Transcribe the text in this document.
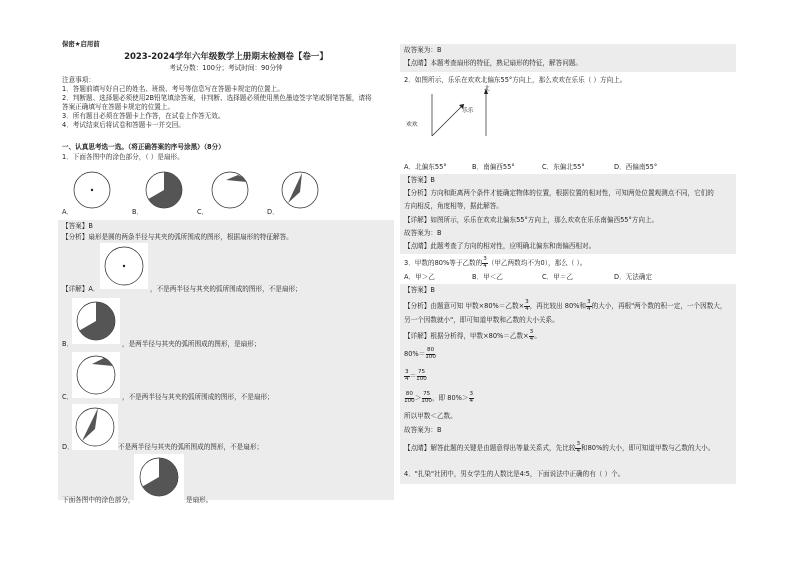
保密★启用前
2023-2024学年六年级数学上册期末检测卷【卷一】
考试分数：100分；考试时间：90分钟
注意事项：
1．答题前填写好自己的姓名、班级、考号等信息写在答题卡规定的位置上。
2．判断题、选择题必须使用2B铅笔填涂答案，非判断、选择题必须使用黑色墨迹签字笔或钢笔答题，请将
答案正确填写在答题卡规定的位置上。
3．所有题目必须在答题卡上作答，在试卷上作答无效。
4．考试结束后将试卷和答题卡一并交回。
一、认真思考选一选。（将正确答案的序号涂黑）（8分）
1．下面各图中的涂色部分，（ ）是扇形。
A．	B．	C．	D．
【答案】B
【分析】扇形是圆的两条半径与其夹的弧所围成的图形，根据扇形的特征解答。
【详解】A．	，不是两半径与其夹的弧所围成的图形，不是扇形；
B．	，是两半径与其夹的弧所围成的图形，是扇形；
C．	，不是两半径与其夹的弧所围成的图形，不是扇形；
D．	不是两半径与其夹的弧所围成的图形，不是扇形；
下面各图中的涂色部分，	是扇形。
故答案为：B
【点睛】本题考查扇形的特征，熟记扇形的特征，解答问题。
2．如图所示，乐乐在欢欢北偏东55°方向上，那么欢欢在乐乐（ ）方向上。
北
乐乐
欢欢
A．北偏东55°	B．南偏西55°	C．东偏北55°	D．西偏南55°
【答案】B
【分析】方向和距离两个条件才能确定物体的位置，根据位置的相对性，可知两处位置观测点不同，它们的
方向相反，角度相等，据此解答。
【详解】如图所示，乐乐在欢欢北偏东55°方向上，那么欢欢在乐乐南偏西55°方向上。
故答案为：B
【点睛】此题考查了方向的相对性，应明确北偏东和南偏西相对。
3．甲数的80%等于乙数的 $\frac{3}{4}$ （甲乙两数均不为0），那么（ ）。
A．甲＞乙	B．甲＜乙	C．甲＝乙	D．无法确定
【答案】B
【分析】由题意可知 甲数×80%＝乙数× $\frac{3}{4}$ ，再比较出 80%和 $\frac{3}{4}$ 的大小，再根"两个数的积一定，一个因数大，
另一个因数就小"，即可知道甲数和乙数的大小关系。
【详解】根据分析得，甲数×80%＝乙数× $\frac{3}{4}$ 。
$80\%= \frac{80}{100}$
$\frac{3}{4} = \frac{75}{100}$
$\frac{80}{100} > \frac{75}{100}$ ，即 $80\%> \frac{3}{4}$
所以甲数＜乙数。
故答案为：B
【点睛】解答此题的关键是由题意得出等量关系式，先比较 $\frac{3}{4}$ 和80%的大小，即可知道甲数与乙数的大小。
4．"扎染"社团中，男女学生的人数比是4∶5，下面说法中正确的有（ ）个。
